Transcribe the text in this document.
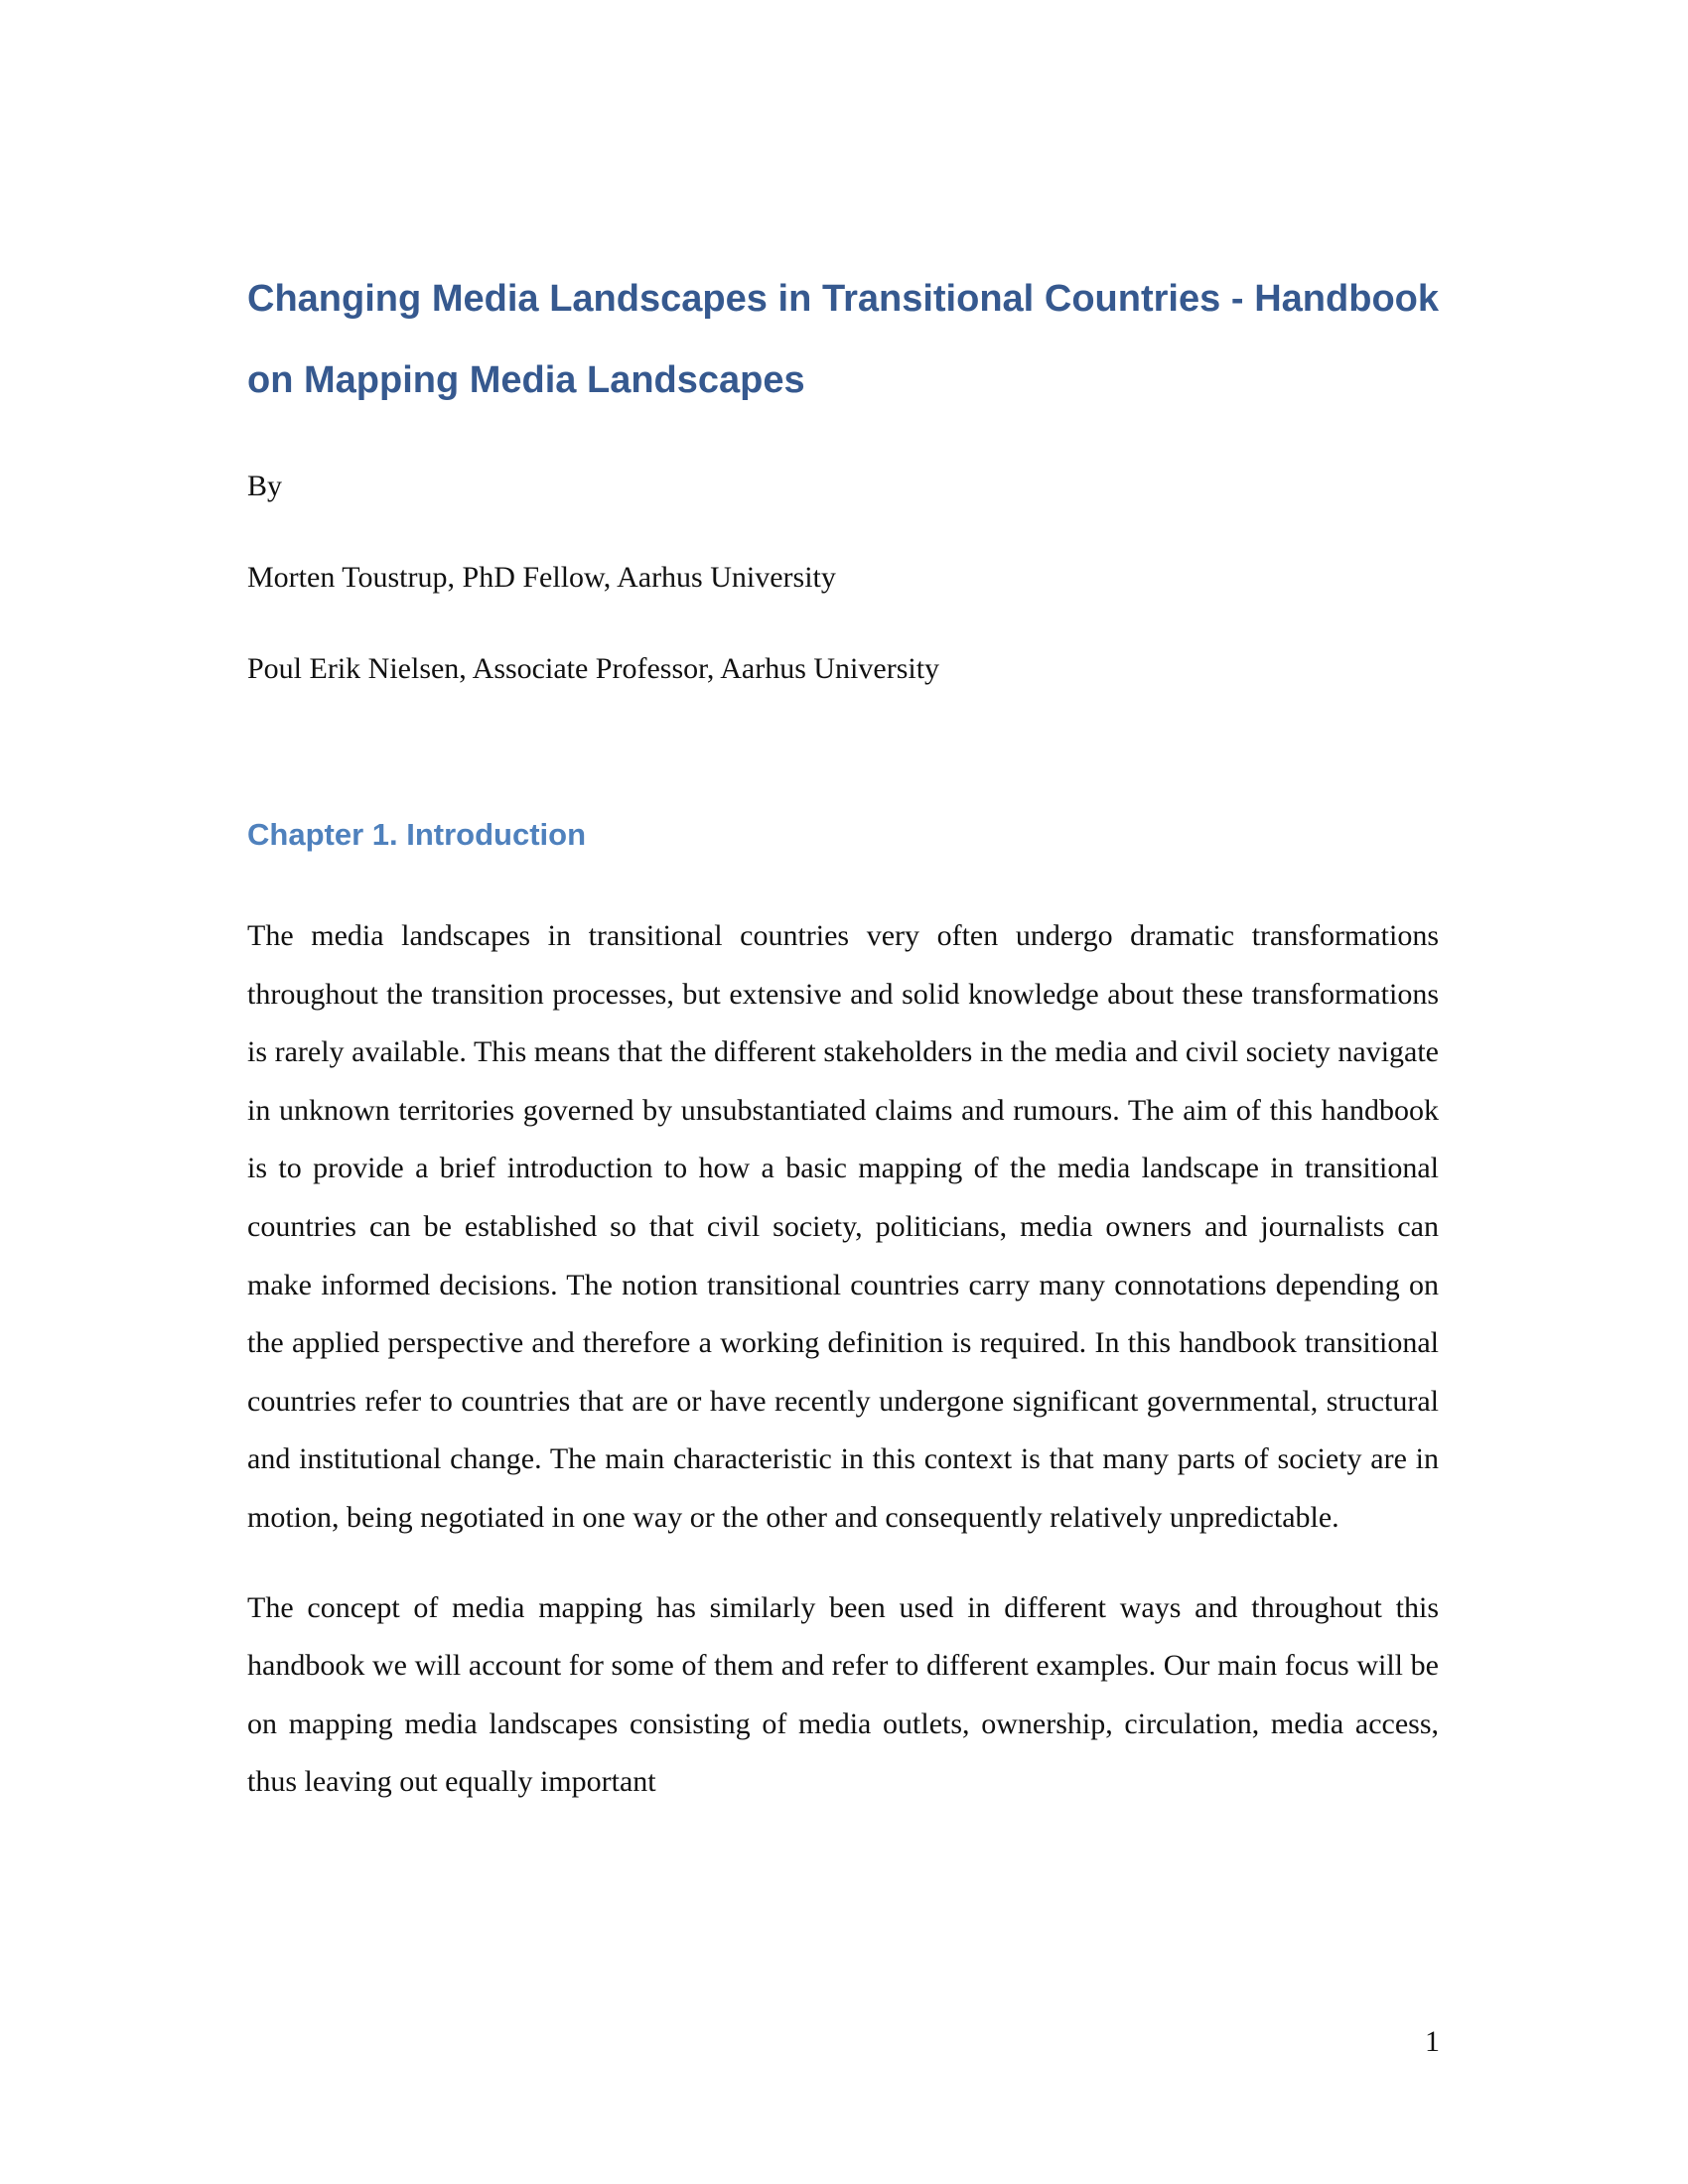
Changing Media Landscapes in Transitional Countries - Handbook on Mapping Media Landscapes

By

Morten Toustrup, PhD Fellow, Aarhus University

Poul Erik Nielsen, Associate Professor, Aarhus University

Chapter 1. Introduction

The media landscapes in transitional countries very often undergo dramatic transformations throughout the transition processes, but extensive and solid knowledge about these transformations is rarely available. This means that the different stakeholders in the media and civil society navigate in unknown territories governed by unsubstantiated claims and rumours. The aim of this handbook is to provide a brief introduction to how a basic mapping of the media landscape in transitional countries can be established so that civil society, politicians, media owners and journalists can make informed decisions. The notion transitional countries carry many connotations depending on the applied perspective and therefore a working definition is required. In this handbook transitional countries refer to countries that are or have recently undergone significant governmental, structural and institutional change. The main characteristic in this context is that many parts of society are in motion, being negotiated in one way or the other and consequently relatively unpredictable.

The concept of media mapping has similarly been used in different ways and throughout this handbook we will account for some of them and refer to different examples. Our main focus will be on mapping media landscapes consisting of media outlets, ownership, circulation, media access, thus leaving out equally important

1
